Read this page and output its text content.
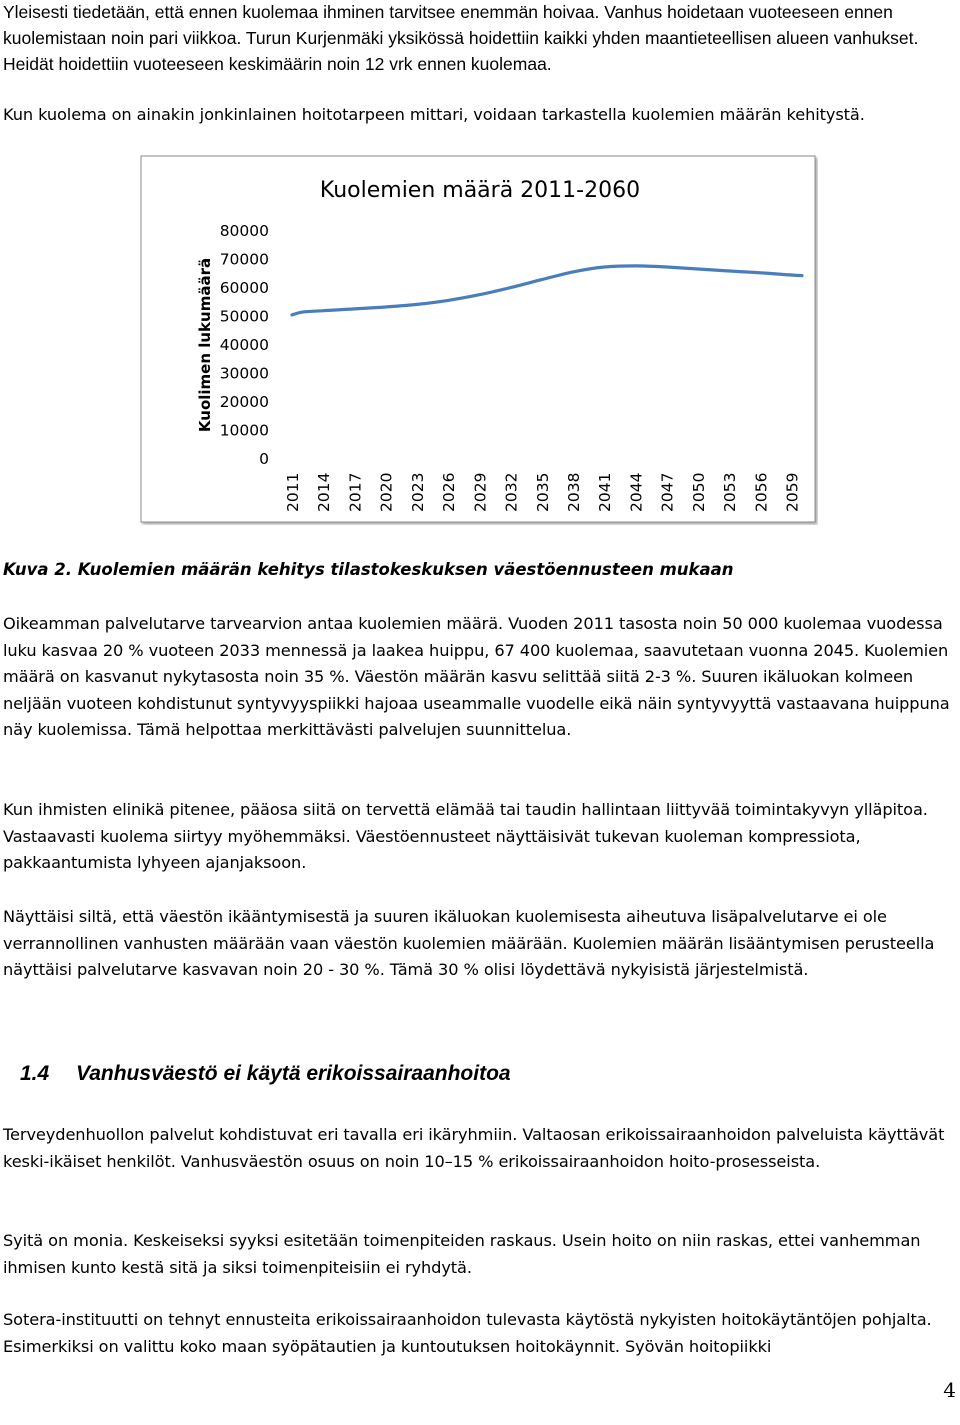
Yleisesti tiedetään, että ennen kuolemaa ihminen tarvitsee enemmän hoivaa. Vanhus hoidetaan vuoteeseen ennen kuolemistaan noin pari viikkoa. Turun Kurjenmäki yksikössä hoidettiin kaikki yhden maantieteellisen alueen vanhukset. Heidät hoidettiin vuoteeseen keskimäärin noin 12 vrk ennen kuolemaa.

Kun kuolema on ainakin jonkinlainen hoitotarpeen mittari, voidaan tarkastella kuolemien määrän kehitystä.

Kuolemien määrä 2011-2060
Kuolimen lukumäärä
80000
70000
60000
50000
40000
30000
20000
10000
0
2011 2014 2017 2020 2023 2026 2029 2032 2035 2038 2041 2044 2047 2050 2053 2056 2059
Kuva 2. Kuolemien määrän kehitys tilastokeskuksen väestöennusteen mukaan

Oikeamman palvelutarve tarvearvion antaa kuolemien määrä. Vuoden 2011 tasosta noin 50 000 kuolemaa vuodessa luku kasvaa 20 % vuoteen 2033 mennessä ja laakea huippu, 67 400 kuolemaa, saavutetaan vuonna 2045. Kuolemien määrä on kasvanut nykytasosta noin 35 %. Väestön määrän kasvu selittää siitä 2-3 %. Suuren ikäluokan kolmeen neljään vuoteen kohdistunut syntyvyyspiikki hajoaa useammalle vuodelle eikä näin syntyvyyttä vastaavana huippuna näy kuolemissa. Tämä helpottaa merkittävästi palvelujen suunnittelua.

Kun ihmisten elinikä pitenee, pääosa siitä on tervettä elämää tai taudin hallintaan liittyvää toimintakyvyn ylläpitoa. Vastaavasti kuolema siirtyy myöhemmäksi. Väestöennusteet näyttäisivät tukevan kuoleman kompressiota, pakkaantumista lyhyeen ajanjaksoon.

Näyttäisi siltä, että väestön ikääntymisestä ja suuren ikäluokan kuolemisesta aiheutuva lisäpalvelutarve ei ole verrannollinen vanhusten määrään vaan väestön kuolemien määrään. Kuolemien määrän lisääntymisen perusteella näyttäisi palvelutarve kasvavan noin 20 - 30 %. Tämä 30 % olisi löydettävä nykyisistä järjestelmistä.

1.4 Vanhusväestö ei käytä erikoissairaanhoitoa

Terveydenhuollon palvelut kohdistuvat eri tavalla eri ikäryhmiin. Valtaosan erikoissairaanhoidon palveluista käyttävät keski-ikäiset henkilöt. Vanhusväestön osuus on noin 10–15 % erikoissairaanhoidon hoito-prosesseista.

Syitä on monia. Keskeiseksi syyksi esitetään toimenpiteiden raskaus. Usein hoito on niin raskas, ettei vanhemman ihmisen kunto kestä sitä ja siksi toimenpiteisiin ei ryhdytä.

Sotera-instituutti on tehnyt ennusteita erikoissairaanhoidon tulevasta käytöstä nykyisten hoitokäytäntöjen pohjalta. Esimerkiksi on valittu koko maan syöpätautien ja kuntoutuksen hoitokäynnit. Syövän hoitopiikki

4
